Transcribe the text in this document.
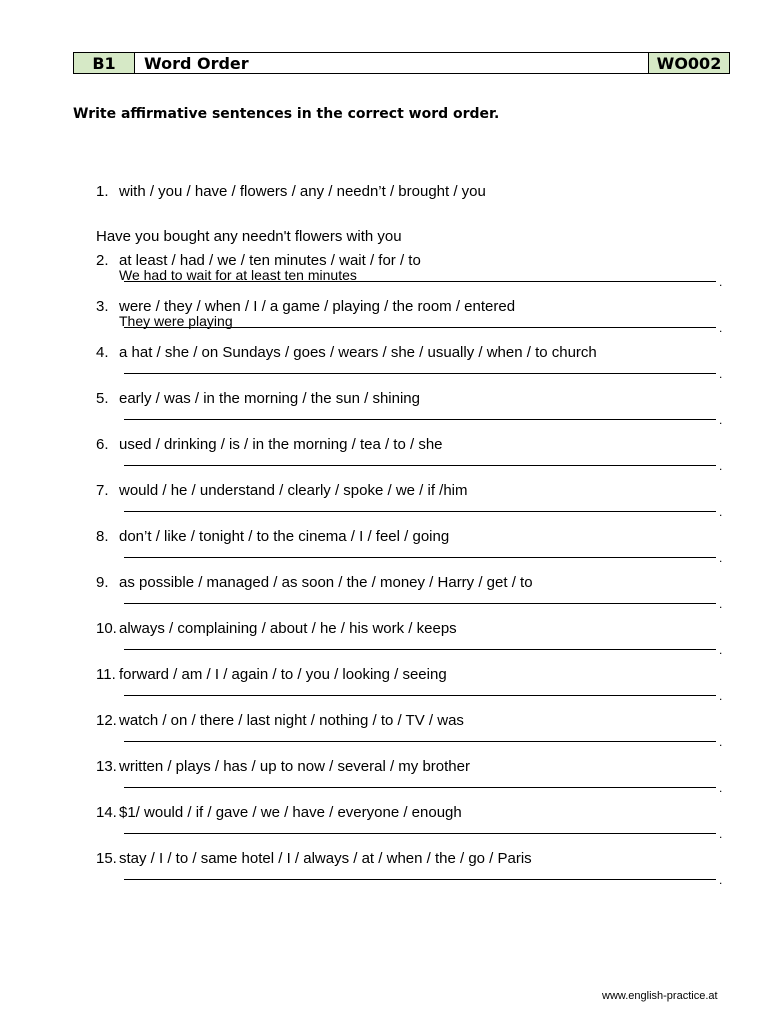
B1	Word Order	WO002
Write affirmative sentences in the correct word order.
1. with / you / have / flowers / any / needn’t / brought / you
Have you bought any needn't flowers with you
2. at least / had / we / ten minutes / wait / for / to
We had to wait for at least ten minutes	.
3. were / they / when / I / a game / playing / the room / entered
They were playing	.
4. a hat / she / on Sundays / goes / wears / she / usually / when / to church
.
5. early / was / in the morning / the sun / shining
.
6. used / drinking / is / in the morning / tea / to / she
.
7. would / he / understand / clearly / spoke / we / if /him
.
8. don’t / like / tonight / to the cinema / I / feel / going
.
9. as possible / managed / as soon / the / money / Harry / get / to
.
10. always / complaining / about / he / his work / keeps
.
11. forward / am / I / again / to / you / looking / seeing
.
12. watch / on / there / last night / nothing / to / TV / was
.
13. written / plays / has / up to now / several / my brother
.
14. $1/ would / if / gave / we / have / everyone / enough
.
15. stay / I / to / same hotel / I / always / at / when / the / go / Paris
.
www.english-practice.at
